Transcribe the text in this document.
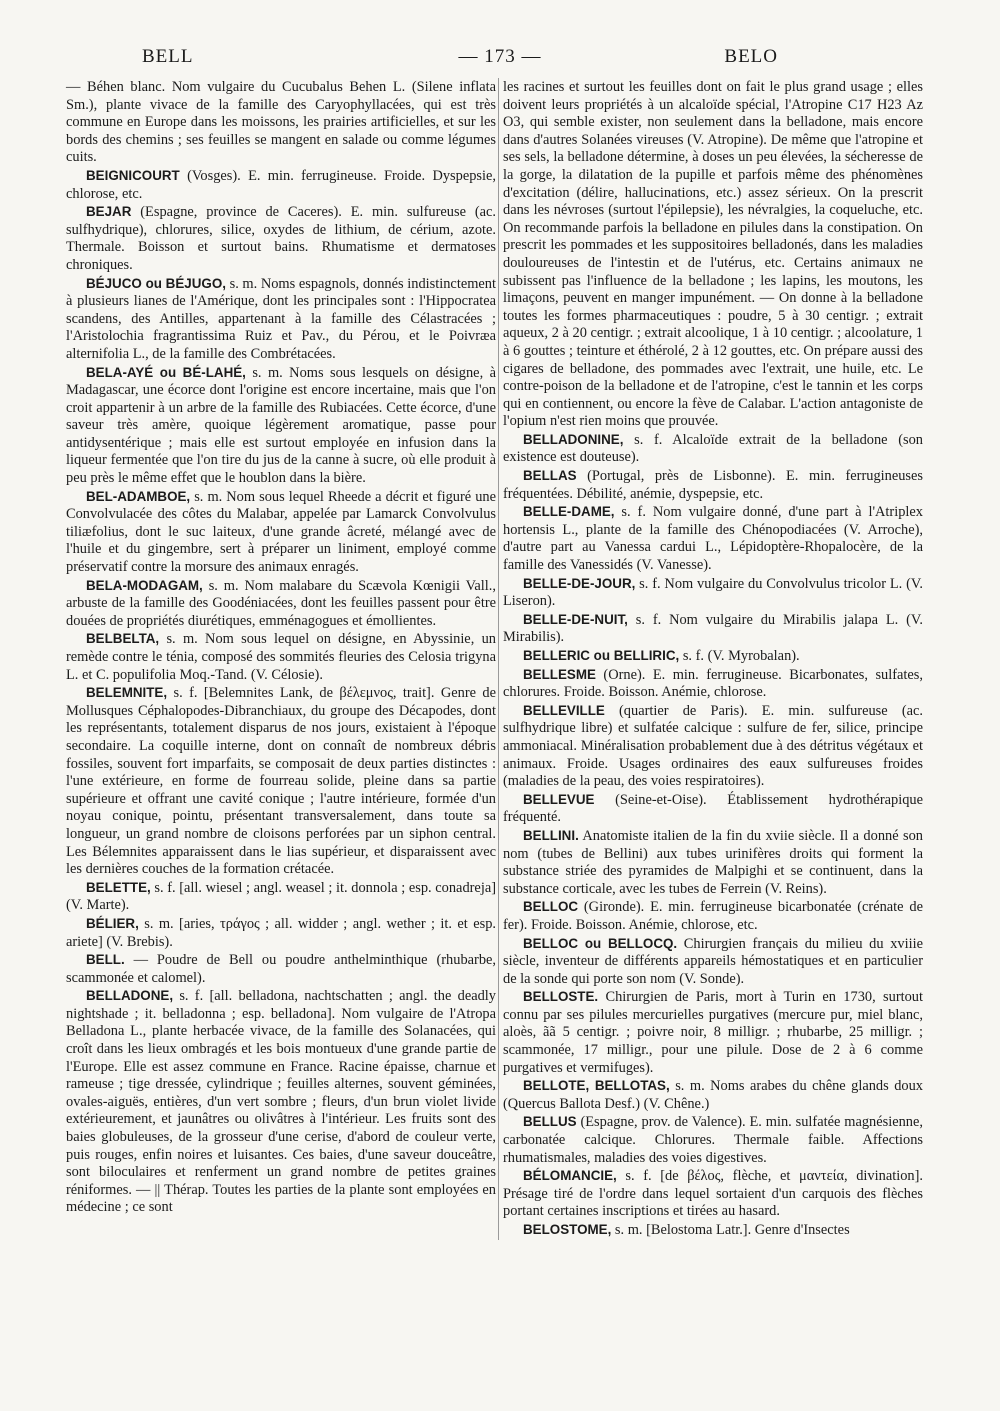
BELL	— 173 —	BELO

— Béhen blanc. Nom vulgaire du Cucubalus Behen L. (Silene inflata Sm.), plante vivace de la famille des Caryophyllacées, qui est très commune en Europe dans les moissons, les prairies artificielles, et sur les bords des chemins ; ses feuilles se mangent en salade ou comme légumes cuits.

BEIGNICOURT (Vosges). E. min. ferrugineuse. Froide. Dyspepsie, chlorose, etc.

BEJAR (Espagne, province de Caceres). E. min. sulfureuse (ac. sulfhydrique), chlorures, silice, oxydes de lithium, de cérium, azote. Thermale. Boisson et surtout bains. Rhumatisme et dermatoses chroniques.

BÉJUCO ou BÉJUGO, s. m. Noms espagnols, donnés indistinctement à plusieurs lianes de l'Amérique, dont les principales sont : l'Hippocratea scandens, des Antilles, appartenant à la famille des Célastracées ; l'Aristolochia fragrantissima Ruiz et Pav., du Pérou, et le Poivræa alternifolia L., de la famille des Combrétacées.

BELA-AYÉ ou BÉ-LAHÉ, s. m. Noms sous lesquels on désigne, à Madagascar, une écorce dont l'origine est encore incertaine, mais que l'on croit appartenir à un arbre de la famille des Rubiacées. Cette écorce, d'une saveur très amère, quoique légèrement aromatique, passe pour antidysentérique ; mais elle est surtout employée en infusion dans la liqueur fermentée que l'on tire du jus de la canne à sucre, où elle produit à peu près le même effet que le houblon dans la bière.

BEL-ADAMBOE, s. m. Nom sous lequel Rheede a décrit et figuré une Convolvulacée des côtes du Malabar, appelée par Lamarck Convolvulus tiliæfolius, dont le suc laiteux, d'une grande âcreté, mélangé avec de l'huile et du gingembre, sert à préparer un liniment, employé comme préservatif contre la morsure des animaux enragés.

BELA-MODAGAM, s. m. Nom malabare du Scævola Kœnigii Vall., arbuste de la famille des Goodéniacées, dont les feuilles passent pour être douées de propriétés diurétiques, emménagogues et émollientes.

BELBELTA, s. m. Nom sous lequel on désigne, en Abyssinie, un remède contre le ténia, composé des sommités fleuries des Celosia trigyna L. et C. populifolia Moq.-Tand. (V. Célosie).

BELEMNITE, s. f. [Belemnites Lank, de βέλεμνος, trait]. Genre de Mollusques Céphalopodes-Dibranchiaux, du groupe des Décapodes, dont les représentants, totalement disparus de nos jours, existaient à l'époque secondaire. La coquille interne, dont on connaît de nombreux débris fossiles, souvent fort imparfaits, se composait de deux parties distinctes : l'une extérieure, en forme de fourreau solide, pleine dans sa partie supérieure et offrant une cavité conique ; l'autre intérieure, formée d'un noyau conique, pointu, présentant transversalement, dans toute sa longueur, un grand nombre de cloisons perforées par un siphon central. Les Bélemnites apparaissent dans le lias supérieur, et disparaissent avec les dernières couches de la formation crétacée.

BELETTE, s. f. [all. wiesel ; angl. weasel ; it. donnola ; esp. conadreja] (V. Marte).

BÉLIER, s. m. [aries, τράγος ; all. widder ; angl. wether ; it. et esp. ariete] (V. Brebis).

BELL. — Poudre de Bell ou poudre anthelminthique (rhubarbe, scammonée et calomel).

BELLADONE, s. f. [all. belladona, nachtschatten ; angl. the deadly nightshade ; it. belladonna ; esp. belladona]. Nom vulgaire de l'Atropa Belladona L., plante herbacée vivace, de la famille des Solanacées, qui croît dans les lieux ombragés et les bois montueux d'une grande partie de l'Europe. Elle est assez commune en France. Racine épaisse, charnue et rameuse ; tige dressée, cylindrique ; feuilles alternes, souvent géminées, ovales-aiguës, entières, d'un vert sombre ; fleurs, d'un brun violet livide extérieurement, et jaunâtres ou olivâtres à l'intérieur. Les fruits sont des baies globuleuses, de la grosseur d'une cerise, d'abord de couleur verte, puis rouges, enfin noires et luisantes. Ces baies, d'une saveur douceâtre, sont biloculaires et renferment un grand nombre de petites graines réniformes. — || Thérap. Toutes les parties de la plante sont employées en médecine ; ce sont

les racines et surtout les feuilles dont on fait le plus grand usage ; elles doivent leurs propriétés à un alcaloïde spécial, l'Atropine C17 H23 Az O3, qui semble exister, non seulement dans la belladone, mais encore dans d'autres Solanées vireuses (V. Atropine). De même que l'atropine et ses sels, la belladone détermine, à doses un peu élevées, la sécheresse de la gorge, la dilatation de la pupille et parfois même des phénomènes d'excitation (délire, hallucinations, etc.) assez sérieux. On la prescrit dans les névroses (surtout l'épilepsie), les névralgies, la coqueluche, etc. On recommande parfois la belladone en pilules dans la constipation. On prescrit les pommades et les suppositoires belladonés, dans les maladies douloureuses de l'intestin et de l'utérus, etc. Certains animaux ne subissent pas l'influence de la belladone ; les lapins, les moutons, les limaçons, peuvent en manger impunément. — On donne à la belladone toutes les formes pharmaceutiques : poudre, 5 à 30 centigr. ; extrait aqueux, 2 à 20 centigr. ; extrait alcoolique, 1 à 10 centigr. ; alcoolature, 1 à 6 gouttes ; teinture et éthérolé, 2 à 12 gouttes, etc. On prépare aussi des cigares de belladone, des pommades avec l'extrait, une huile, etc. Le contre-poison de la belladone et de l'atropine, c'est le tannin et les corps qui en contiennent, ou encore la fève de Calabar. L'action antagoniste de l'opium n'est rien moins que prouvée.

BELLADONINE, s. f. Alcaloïde extrait de la belladone (son existence est douteuse).

BELLAS (Portugal, près de Lisbonne). E. min. ferrugineuses fréquentées. Débilité, anémie, dyspepsie, etc.

BELLE-DAME, s. f. Nom vulgaire donné, d'une part à l'Atriplex hortensis L., plante de la famille des Chénopodiacées (V. Arroche), d'autre part au Vanessa cardui L., Lépidoptère-Rhopalocère, de la famille des Vanessidés (V. Vanesse).

BELLE-DE-JOUR, s. f. Nom vulgaire du Convolvulus tricolor L. (V. Liseron).

BELLE-DE-NUIT, s. f. Nom vulgaire du Mirabilis jalapa L. (V. Mirabilis).

BELLERIC ou BELLIRIC, s. f. (V. Myrobalan).

BELLESME (Orne). E. min. ferrugineuse. Bicarbonates, sulfates, chlorures. Froide. Boisson. Anémie, chlorose.

BELLEVILLE (quartier de Paris). E. min. sulfureuse (ac. sulfhydrique libre) et sulfatée calcique : sulfure de fer, silice, principe ammoniacal. Minéralisation probablement due à des détritus végétaux et animaux. Froide. Usages ordinaires des eaux sulfureuses froides (maladies de la peau, des voies respiratoires).

BELLEVUE (Seine-et-Oise). Établissement hydrothérapique fréquenté.

BELLINI. Anatomiste italien de la fin du xviie siècle. Il a donné son nom (tubes de Bellini) aux tubes urinifères droits qui forment la substance striée des pyramides de Malpighi et se continuent, dans la substance corticale, avec les tubes de Ferrein (V. Reins).

BELLOC (Gironde). E. min. ferrugineuse bicarbonatée (crénate de fer). Froide. Boisson. Anémie, chlorose, etc.

BELLOC ou BELLOCQ. Chirurgien français du milieu du xviiie siècle, inventeur de différents appareils hémostatiques et en particulier de la sonde qui porte son nom (V. Sonde).

BELLOSTE. Chirurgien de Paris, mort à Turin en 1730, surtout connu par ses pilules mercurielles purgatives (mercure pur, miel blanc, aloès, ãã 5 centigr. ; poivre noir, 8 milligr. ; rhubarbe, 25 milligr. ; scammonée, 17 milligr., pour une pilule. Dose de 2 à 6 comme purgatives et vermifuges).

BELLOTE, BELLOTAS, s. m. Noms arabes du chêne glands doux (Quercus Ballota Desf.) (V. Chêne.)

BELLUS (Espagne, prov. de Valence). E. min. sulfatée magnésienne, carbonatée calcique. Chlorures. Thermale faible. Affections rhumatismales, maladies des voies digestives.

BÉLOMANCIE, s. f. [de βέλος, flèche, et μαντεία, divination]. Présage tiré de l'ordre dans lequel sortaient d'un carquois des flèches portant certaines inscriptions et tirées au hasard.

BELOSTOME, s. m. [Belostoma Latr.]. Genre d'Insectes
